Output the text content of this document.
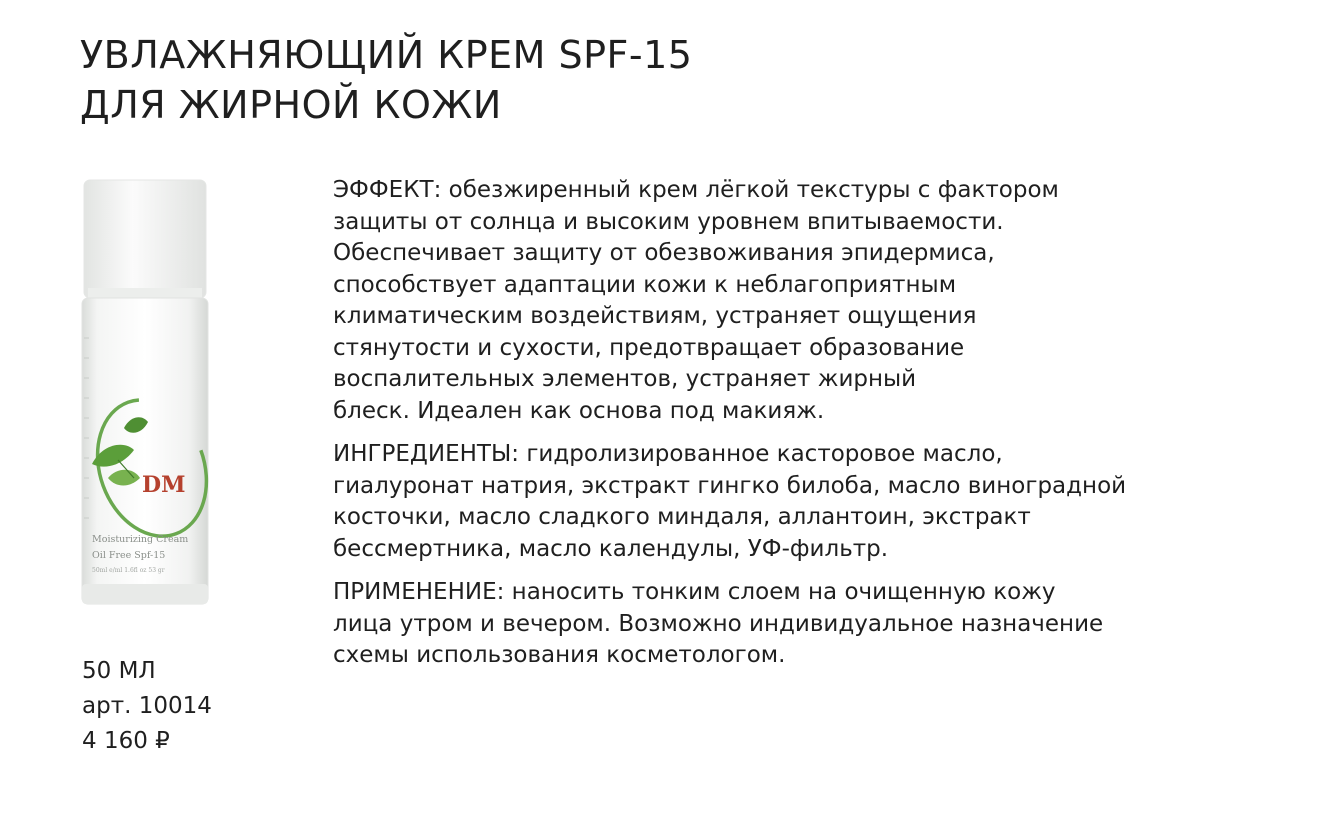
УВЛАЖНЯЮЩИЙ КРЕМ SPF-15
ДЛЯ ЖИРНОЙ КОЖИ
DM
Moisturizing Cream
Oil Free Spf-15
50ml e/ml 1.6fl oz 53 gr
50 МЛ
арт. 10014
4 160 ₽

ЭФФЕКТ: обезжиренный крем лёгкой текстуры с фактором
защиты от солнца и высоким уровнем впитываемости.
Обеспечивает защиту от обезвоживания эпидермиса,
способствует адаптации кожи к неблагоприятным
климатическим воздействиям, устраняет ощущения
стянутости и сухости, предотвращает образование
воспалительных элементов, устраняет жирный
блеск. Идеален как основа под макияж.

ИНГРЕДИЕНТЫ: гидролизированное касторовое масло,
гиалуронат натрия, экстракт гингко билоба, масло виноградной
косточки, масло сладкого миндаля, аллантоин, экстракт
бессмертника, масло календулы, УФ-фильтр.

ПРИМЕНЕНИЕ: наносить тонким слоем на очищенную кожу
лица утром и вечером. Возможно индивидуальное назначение
схемы использования косметологом.
